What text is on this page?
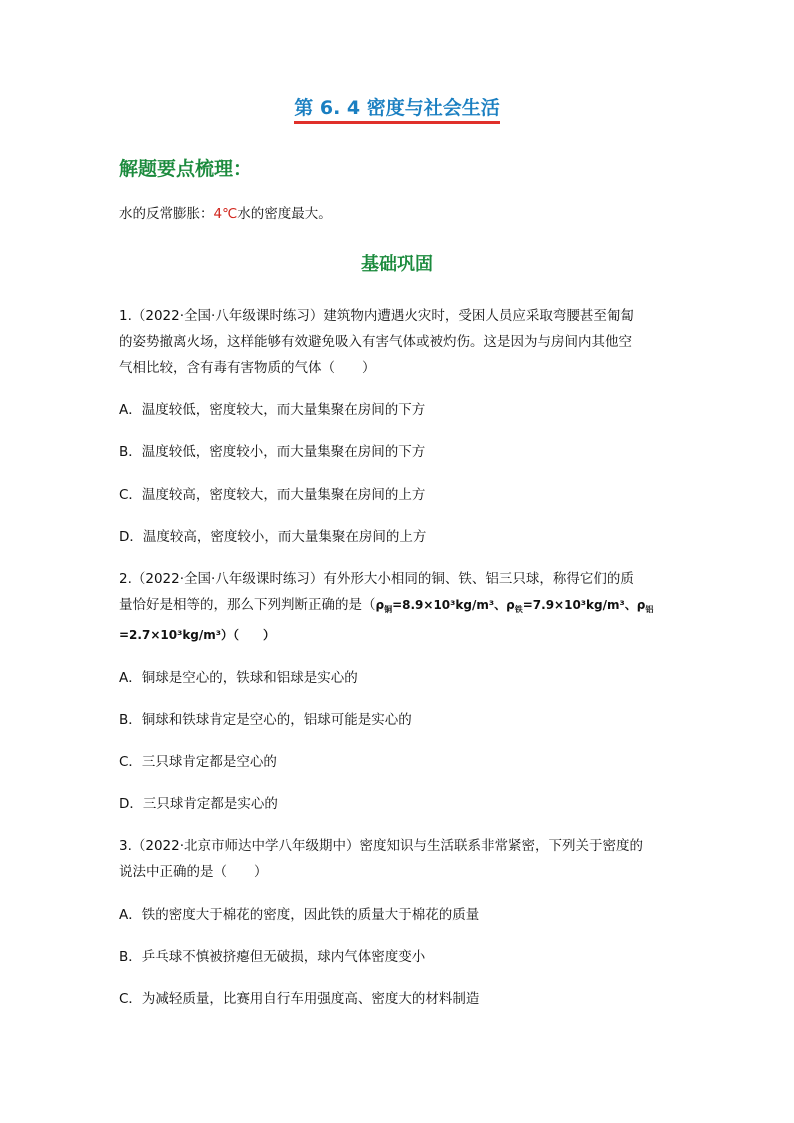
第 6. 4 密度与社会生活
解题要点梳理：
水的反常膨胀：4℃水的密度最大。
基础巩固
1.（2022·全国·八年级课时练习）建筑物内遭遇火灾时，受困人员应采取弯腰甚至匍匐
的姿势撤离火场，这样能够有效避免吸入有害气体或被灼伤。这是因为与房间内其他空
气相比较，含有毒有害物质的气体（　　）
A．温度较低，密度较大，而大量集聚在房间的下方
B．温度较低，密度较小，而大量集聚在房间的下方
C．温度较高，密度较大，而大量集聚在房间的上方
D．温度较高，密度较小，而大量集聚在房间的上方
2.（2022·全国·八年级课时练习）有外形大小相同的铜、铁、铝三只球，称得它们的质
量恰好是相等的，那么下列判断正确的是（$\rho_铜=8.9\times 10^3kg/m^3$、$\rho_铁=7.9\times 10^3kg/m^3$、$\rho_铝$
=2.7×10³kg/m³）（　　）
A．铜球是空心的，铁球和铝球是实心的
B．铜球和铁球肯定是空心的，铝球可能是实心的
C．三只球肯定都是空心的
D．三只球肯定都是实心的
3.（2022·北京市师达中学八年级期中）密度知识与生活联系非常紧密，下列关于密度的
说法中正确的是（　　）
A．铁的密度大于棉花的密度，因此铁的质量大于棉花的质量
B．乒乓球不慎被挤瘪但无破损，球内气体密度变小
C．为减轻质量，比赛用自行车用强度高、密度大的材料制造
